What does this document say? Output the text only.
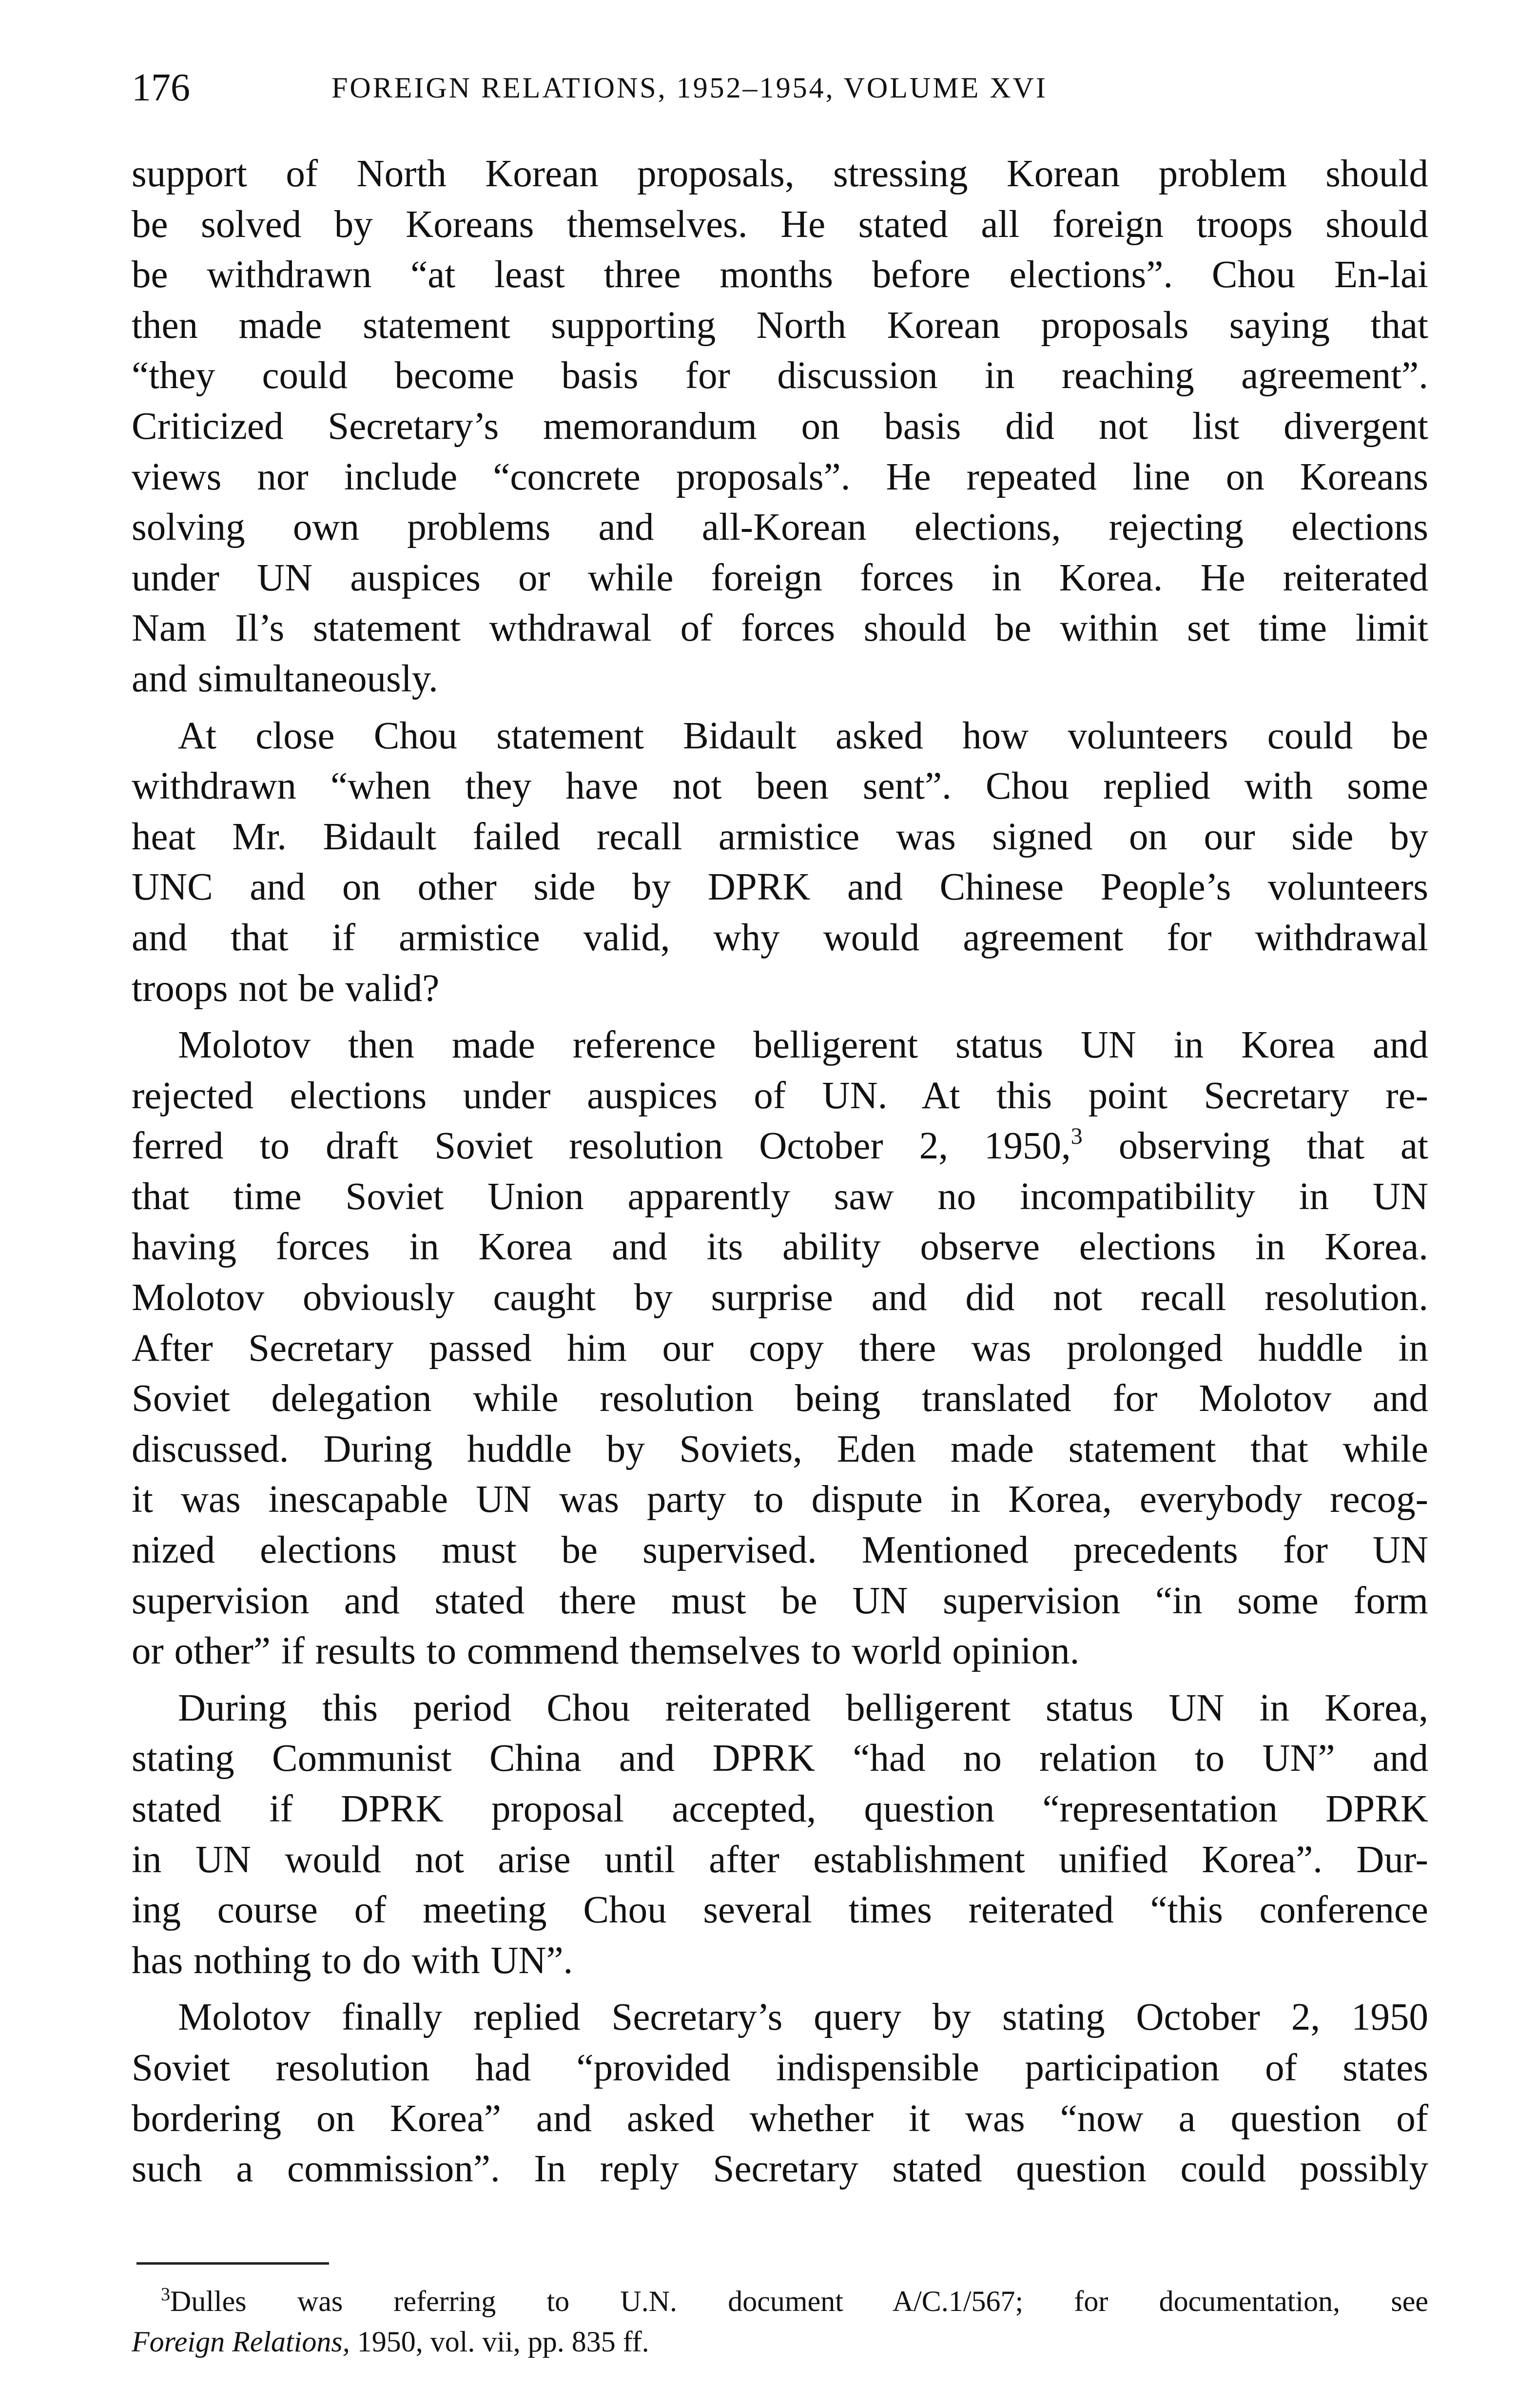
176	FOREIGN RELATIONS, 1952–1954, VOLUME XVI

support of North Korean proposals, stressing Korean problem should
be solved by Koreans themselves. He stated all foreign troops should
be withdrawn “at least three months before elections”. Chou En-lai
then made statement supporting North Korean proposals saying that
“they could become basis for discussion in reaching agreement”.
Criticized Secretary’s memorandum on basis did not list divergent
views nor include “concrete proposals”. He repeated line on Koreans
solving own problems and all-Korean elections, rejecting elections
under UN auspices or while foreign forces in Korea. He reiterated
Nam Il’s statement wthdrawal of forces should be within set time limit
and simultaneously.

At close Chou statement Bidault asked how volunteers could be
withdrawn “when they have not been sent”. Chou replied with some
heat Mr. Bidault failed recall armistice was signed on our side by
UNC and on other side by DPRK and Chinese People’s volunteers
and that if armistice valid, why would agreement for withdrawal
troops not be valid?

Molotov then made reference belligerent status UN in Korea and
rejected elections under auspices of UN. At this point Secretary re-
ferred to draft Soviet resolution October 2, 1950,$^3$ observing that at
that time Soviet Union apparently saw no incompatibility in UN
having forces in Korea and its ability observe elections in Korea.
Molotov obviously caught by surprise and did not recall resolution.
After Secretary passed him our copy there was prolonged huddle in
Soviet delegation while resolution being translated for Molotov and
discussed. During huddle by Soviets, Eden made statement that while
it was inescapable UN was party to dispute in Korea, everybody recog-
nized elections must be supervised. Mentioned precedents for UN
supervision and stated there must be UN supervision “in some form
or other” if results to commend themselves to world opinion.

During this period Chou reiterated belligerent status UN in Korea,
stating Communist China and DPRK “had no relation to UN” and
stated if DPRK proposal accepted, question “representation DPRK
in UN would not arise until after establishment unified Korea”. Dur-
ing course of meeting Chou several times reiterated “this conference
has nothing to do with UN”.

Molotov finally replied Secretary’s query by stating October 2, 1950
Soviet resolution had “provided indispensible participation of states
bordering on Korea” and asked whether it was “now a question of
such a commission”. In reply Secretary stated question could possibly

$^3$Dulles was referring to U.N. document A/C.1/567; for documentation, see
Foreign Relations, 1950, vol. vii, pp. 835 ff.
